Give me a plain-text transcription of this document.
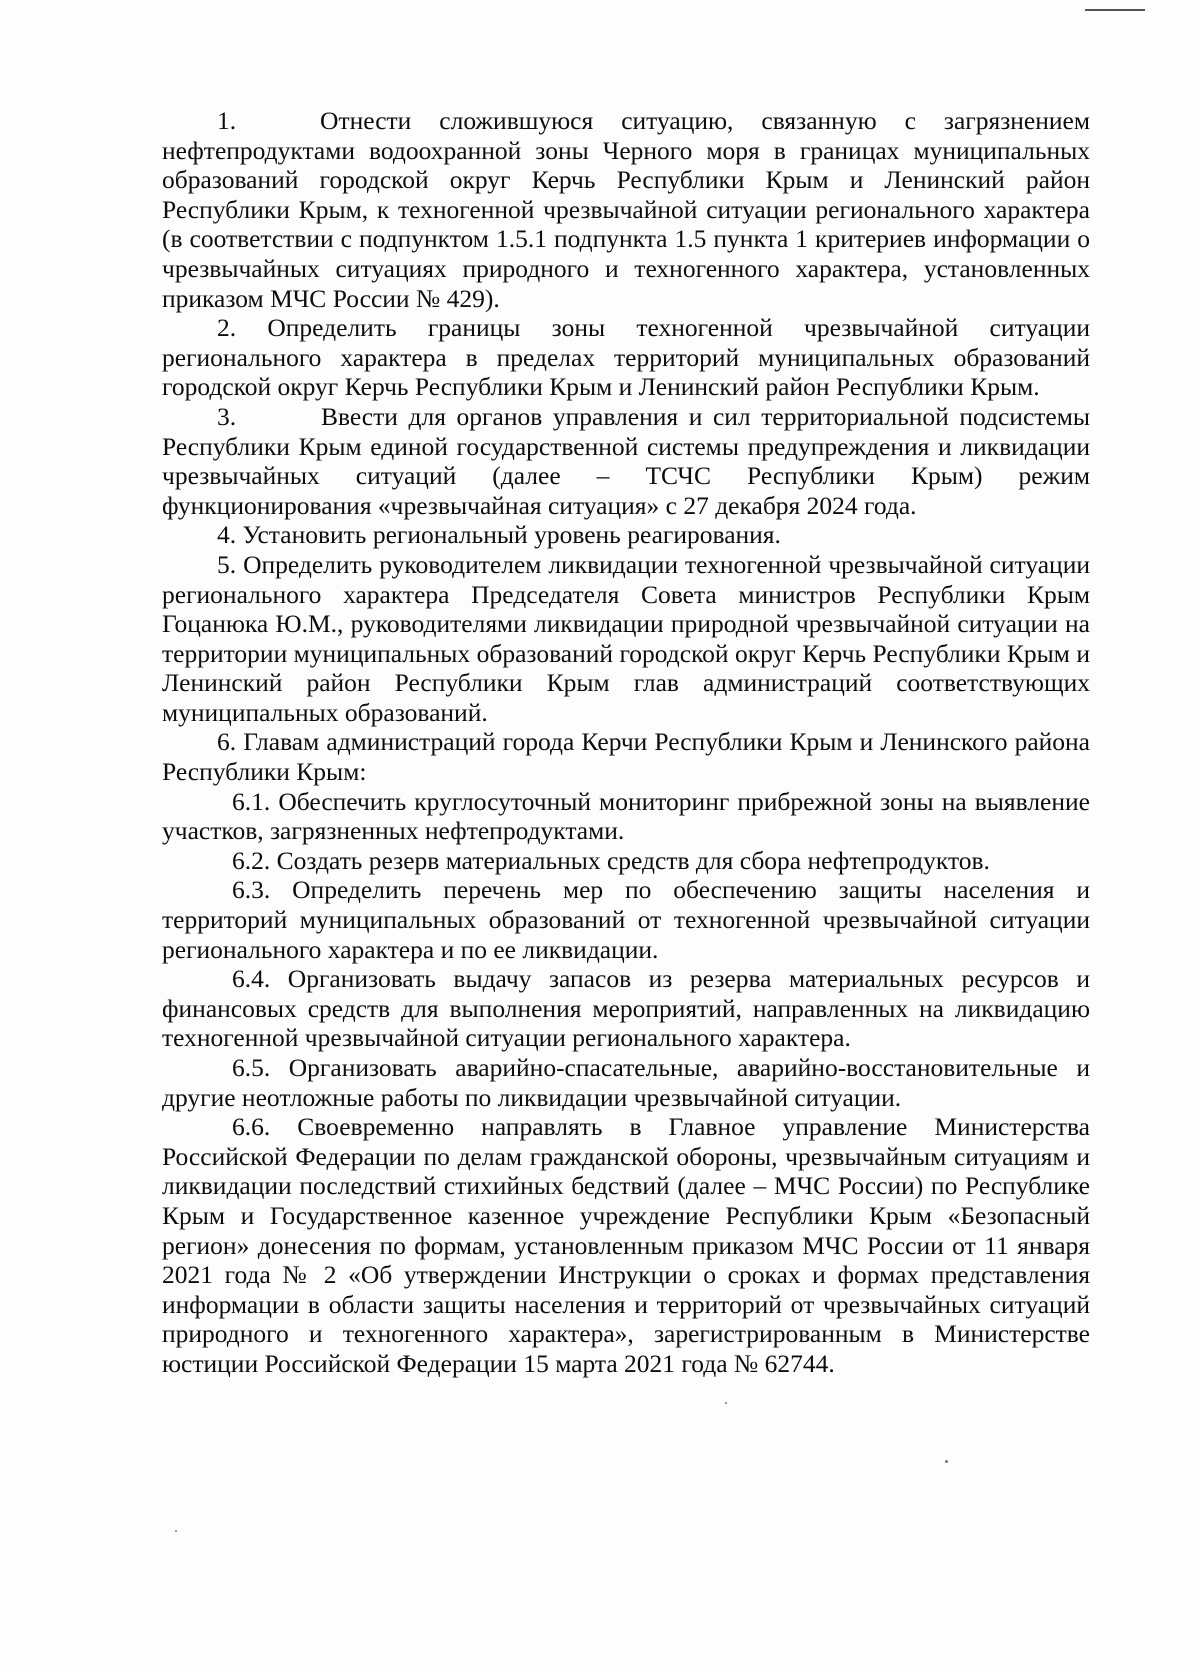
1.   Отнести сложившуюся ситуацию, связанную с загрязнением нефтепродуктами водоохранной зоны Черного моря в границах муниципальных образований городской округ Керчь Республики Крым и Ленинский район Республики Крым, к техногенной чрезвычайной ситуации регионального характера (в соответствии с подпунктом 1.5.1 подпункта 1.5 пункта 1 критериев информации о чрезвычайных ситуациях природного и техногенного характера, установленных приказом МЧС России № 429).

2. Определить границы зоны техногенной чрезвычайной ситуации регионального характера в пределах территорий муниципальных образований городской округ Керчь Республики Крым и Ленинский район Республики Крым.

3.        Ввести для органов управления и сил территориальной подсистемы Республики Крым единой государственной системы предупреждения и ликвидации чрезвычайных ситуаций (далее – ТСЧС Республики Крым) режим функционирования «чрезвычайная ситуация» с 27 декабря 2024 года.

4. Установить региональный уровень реагирования.

5. Определить руководителем ликвидации техногенной чрезвычайной ситуации регионального характера Председателя Совета министров Республики Крым Гоцанюка Ю.М., руководителями ликвидации природной чрезвычайной ситуации на территории муниципальных образований городской округ Керчь Республики Крым и Ленинский район Республики Крым глав администраций соответствующих муниципальных образований.

6. Главам администраций города Керчи Республики Крым и Ленинского района Республики Крым:

6.1. Обеспечить круглосуточный мониторинг прибрежной зоны на выявление участков, загрязненных нефтепродуктами.

6.2. Создать резерв материальных средств для сбора нефтепродуктов.

6.3. Определить перечень мер по обеспечению защиты населения и территорий муниципальных образований от техногенной чрезвычайной ситуации регионального характера и по ее ликвидации.

6.4. Организовать выдачу запасов из резерва материальных ресурсов и финансовых средств для выполнения мероприятий, направленных на ликвидацию техногенной чрезвычайной ситуации регионального характера.

6.5. Организовать аварийно-спасательные, аварийно-восстановительные и другие неотложные работы по ликвидации чрезвычайной ситуации.

6.6. Своевременно направлять в Главное управление Министерства Российской Федерации по делам гражданской обороны, чрезвычайным ситуациям и ликвидации последствий стихийных бедствий (далее – МЧС России) по Республике Крым и Государственное казенное учреждение Республики Крым «Безопасный регион» донесения по формам, установленным приказом МЧС России от 11 января 2021 года № 2 «Об утверждении Инструкции о сроках и формах представления информации в области защиты населения и территорий от чрезвычайных ситуаций природного и техногенного характера», зарегистрированным в Министерстве юстиции Российской Федерации 15 марта 2021 года № 62744.
